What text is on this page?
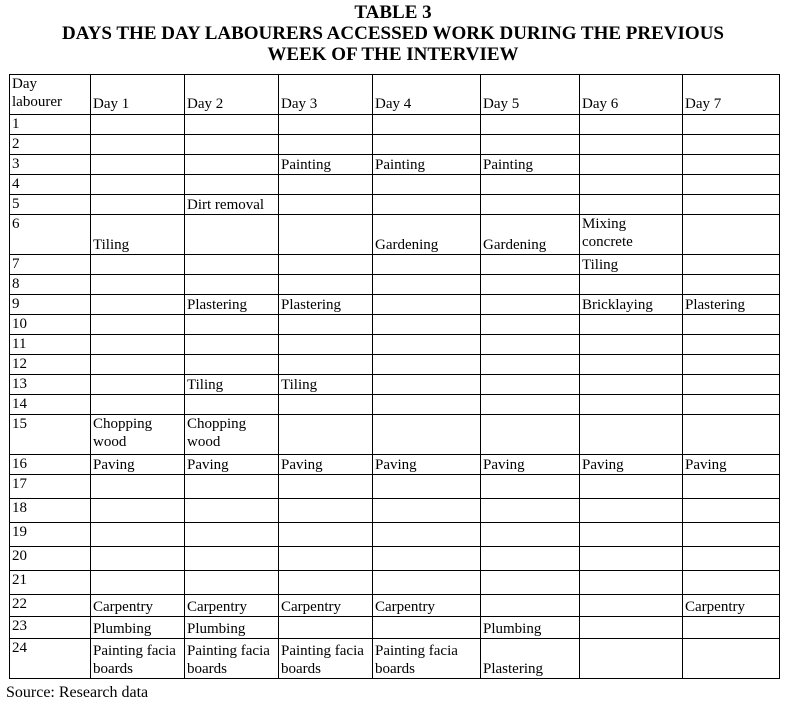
TABLE 3
DAYS THE DAY LABOURERS ACCESSED WORK DURING THE PREVIOUS
WEEK OF THE INTERVIEW
Day labourer	Day 1	Day 2	Day 3	Day 4	Day 5	Day 6	Day 7
1							
2							
3			Painting	Painting	Painting		
4							
5		Dirt removal					
6	Tiling			Gardening	Gardening	Mixing concrete	
7						Tiling	
8							
9		Plastering	Plastering			Bricklaying	Plastering
10							
11							
12							
13		Tiling	Tiling				
14							
15	Chopping wood	Chopping wood					
16	Paving	Paving	Paving	Paving	Paving	Paving	Paving
17							
18							
19							
20							
21							
22	Carpentry	Carpentry	Carpentry	Carpentry			Carpentry
23	Plumbing	Plumbing			Plumbing		
24	Painting facia boards	Painting facia boards	Painting facia boards	Painting facia boards	Plastering		
Source: Research data
